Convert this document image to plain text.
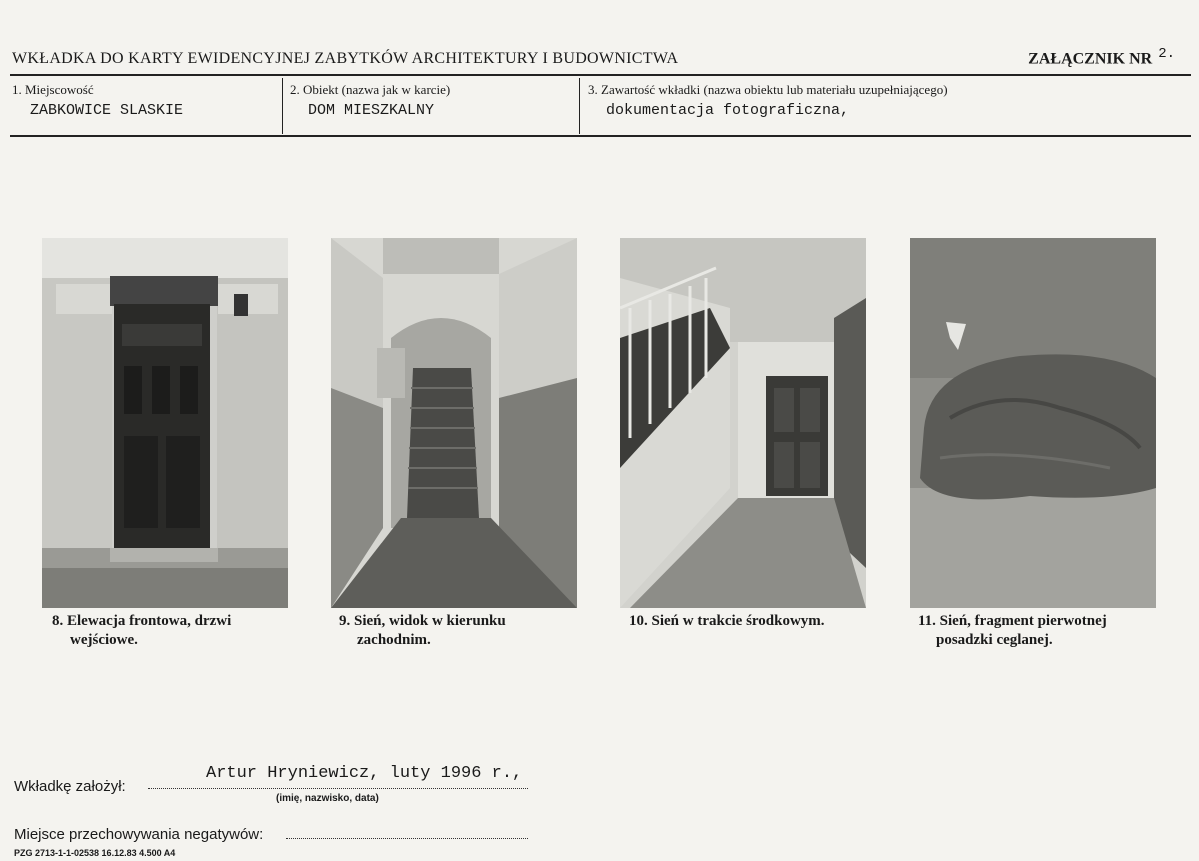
WKŁADKA DO KARTY EWIDENCYJNEJ ZABYTKÓW ARCHITEKTURY I BUDOWNICTWA	ZAŁĄCZNIK NR 2.
1. Miejscowość
ZABKOWICE SLASKIE
2. Obiekt (nazwa jak w karcie)
DOM MIESZKALNY
3. Zawartość wkładki (nazwa obiektu lub materiału uzupełniającego)
dokumentacja fotograficzna,
8. Elewacja frontowa, drzwi
wejściowe.
9. Sień, widok w kierunku
zachodnim.
10. Sień w trakcie środkowym.	11. Sień, fragment pierwotnej
posadzki ceglanej.
Wkładkę założył:
Artur Hryniewicz, luty 1996 r.,
(imię, nazwisko, data)
Miejsce przechowywania negatywów:
PZG 2713-1-1-02538 16.12.83 4.500 A4
